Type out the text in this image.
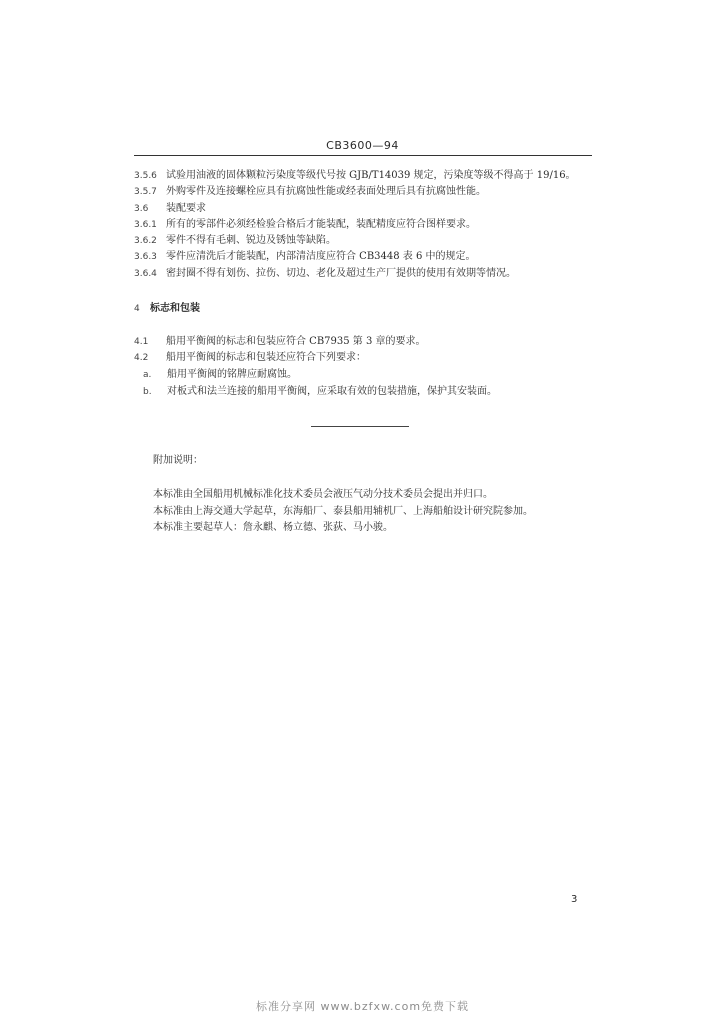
CB3600—94
3.5.6 试验用油液的固体颗粒污染度等级代号按 GJB/T14039 规定，污染度等级不得高于 19/16。
3.5.7 外购零件及连接螺栓应具有抗腐蚀性能或经表面处理后具有抗腐蚀性能。
3.6 装配要求
3.6.1 所有的零部件必须经检验合格后才能装配，装配精度应符合图样要求。
3.6.2 零件不得有毛刺、锐边及锈蚀等缺陷。
3.6.3 零件应清洗后才能装配，内部清洁度应符合 CB3448 表 6 中的规定。
3.6.4 密封圈不得有划伤、拉伤、切边、老化及超过生产厂提供的使用有效期等情况。
4 标志和包装
4.1 船用平衡阀的标志和包装应符合 CB7935 第 3 章的要求。
4.2 船用平衡阀的标志和包装还应符合下列要求：
a. 船用平衡阀的铭牌应耐腐蚀。
b. 对板式和法兰连接的船用平衡阀，应采取有效的包装措施，保护其安装面。
附加说明：
本标准由全国船用机械标准化技术委员会液压气动分技术委员会提出并归口。
本标准由上海交通大学起草，东海船厂、泰县船用辅机厂、上海船舶设计研究院参加。
本标准主要起草人：詹永麒、杨立德、张荻、马小骏。
3
标准分享网 www.bzfxw.com免费下载
